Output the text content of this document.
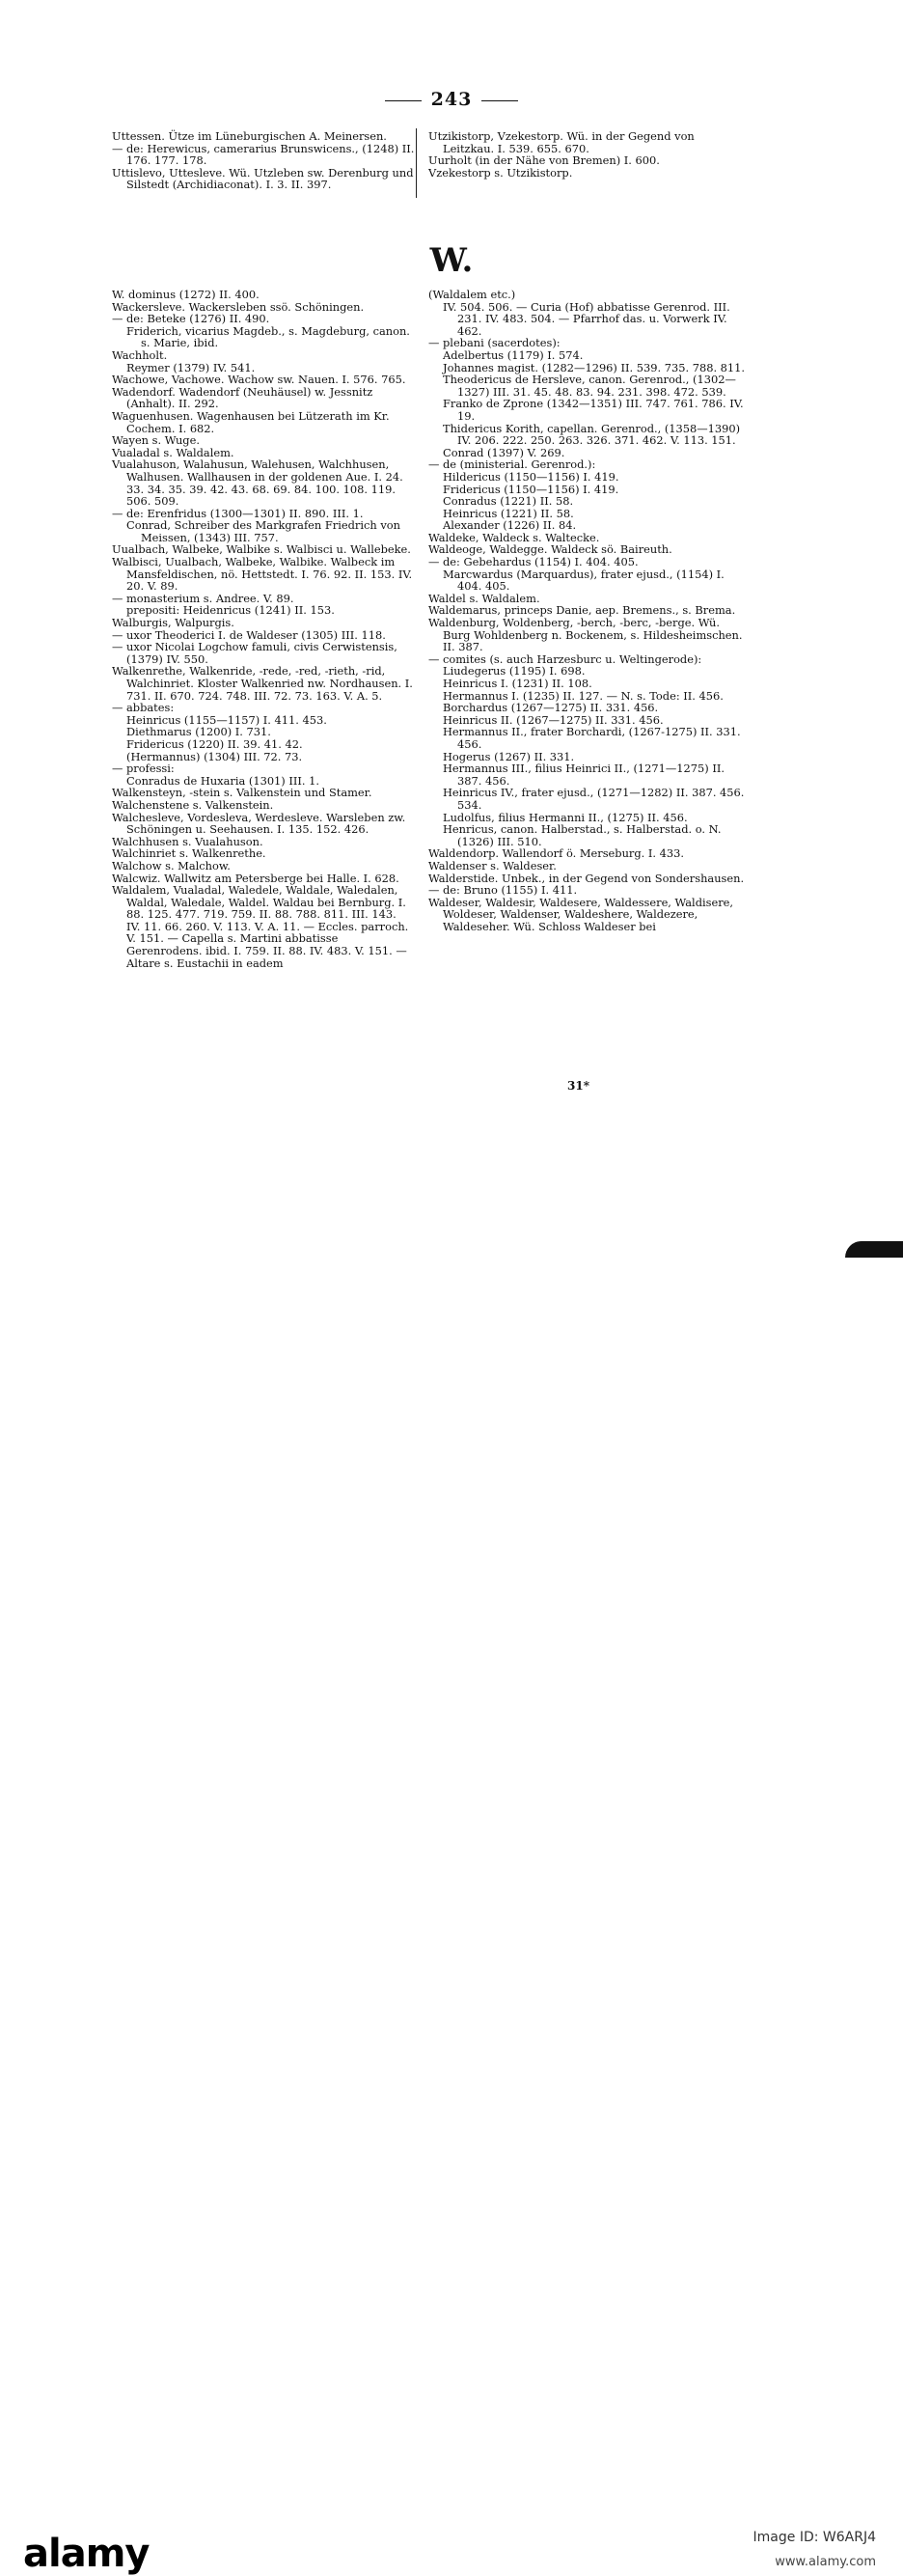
243

Uttessen. Ütze im Lüneburgischen A. Meinersen.

— de: Herewicus, camerarius Brunswicens., (1248) II. 176. 177. 178.

Uttislevo, Uttesleve. Wü. Utzleben sw. Derenburg und Silstedt (Archidiaconat). I. 3. II. 397.

Utzikistorp, Vzekestorp. Wü. in der Gegend von Leitzkau. I. 539. 655. 670.

Uurholt (in der Nähe von Bremen) I. 600.

Vzekestorp s. Utzikistorp.

W.

W. dominus (1272) II. 400.

Wackersleve. Wackersleben ssö. Schöningen.

— de: Beteke (1276) II. 490.

Friderich, vicarius Magdeb., s. Magdeburg, canon. s. Marie, ibid.

Wachholt.

Reymer (1379) IV. 541.

Wachowe, Vachowe. Wachow sw. Nauen. I. 576. 765.

Wadendorf. Wadendorf (Neuhäusel) w. Jessnitz (Anhalt). II. 292.

Waguenhusen. Wagenhausen bei Lützerath im Kr. Cochem. I. 682.

Wayen s. Wuge.

Vualadal s. Waldalem.

Vualahuson, Walahusun, Walehusen, Walchhusen, Walhusen. Wallhausen in der goldenen Aue. I. 24. 33. 34. 35. 39. 42. 43. 68. 69. 84. 100. 108. 119. 506. 509.

— de: Erenfridus (1300—1301) II. 890. III. 1.

Conrad, Schreiber des Markgrafen Friedrich von Meissen, (1343) III. 757.

Uualbach, Walbeke, Walbike s. Walbisci u. Wallebeke.

Walbisci, Uualbach, Walbeke, Walbike. Walbeck im Mansfeldischen, nö. Hettstedt. I. 76. 92. II. 153. IV. 20. V. 89.

— monasterium s. Andree. V. 89.

prepositi: Heidenricus (1241) II. 153.

Walburgis, Walpurgis.

— uxor Theoderici I. de Waldeser (1305) III. 118.

— uxor Nicolai Logchow famuli, civis Cerwistensis, (1379) IV. 550.

Walkenrethe, Walkenride, -rede, -red, -rieth, -rid, Walchinriet. Kloster Walkenried nw. Nordhausen. I. 731. II. 670. 724. 748. III. 72. 73. 163. V. A. 5.

— abbates:

Heinricus (1155—1157) I. 411. 453.

Diethmarus (1200) I. 731.

Fridericus (1220) II. 39. 41. 42.

(Hermannus) (1304) III. 72. 73.

— professi:

Conradus de Huxaria (1301) III. 1.

Walkensteyn, -stein s. Valkenstein und Stamer.

Walchenstene s. Valkenstein.

Walchesleve, Vordesleva, Werdesleve. Warsleben zw. Schöningen u. Seehausen. I. 135. 152. 426.

Walchhusen s. Vualahuson.

Walchinriet s. Walkenrethe.

Walchow s. Malchow.

Walcwiz. Wallwitz am Petersberge bei Halle. I. 628.

Waldalem, Vualadal, Waledele, Waldale, Waledalen, Waldal, Waledale, Waldel. Waldau bei Bernburg. I. 88. 125. 477. 719. 759. II. 88. 788. 811. III. 143. IV. 11. 66. 260. V. 113. V. A. 11. — Eccles. parroch. V. 151. — Capella s. Martini abbatisse Gerenrodens. ibid. I. 759. II. 88. IV. 483. V. 151. — Altare s. Eustachii in eadem

(Waldalem etc.)

IV. 504. 506. — Curia (Hof) abbatisse Gerenrod. III. 231. IV. 483. 504. — Pfarrhof das. u. Vorwerk IV. 462.

— plebani (sacerdotes):

Adelbertus (1179) I. 574.

Johannes magist. (1282—1296) II. 539. 735. 788. 811.

Theodericus de Hersleve, canon. Gerenrod., (1302—1327) III. 31. 45. 48. 83. 94. 231. 398. 472. 539.

Franko de Zprone (1342—1351) III. 747. 761. 786. IV. 19.

Thidericus Korith, capellan. Gerenrod., (1358—1390) IV. 206. 222. 250. 263. 326. 371. 462. V. 113. 151.

Conrad (1397) V. 269.

— de (ministerial. Gerenrod.):

Hildericus (1150—1156) I. 419.

Fridericus (1150—1156) I. 419.

Conradus (1221) II. 58.

Heinricus (1221) II. 58.

Alexander (1226) II. 84.

Waldeke, Waldeck s. Waltecke.

Waldeoge, Waldegge. Waldeck sö. Baireuth.

— de: Gebehardus (1154) I. 404. 405.

Marcwardus (Marquardus), frater ejusd., (1154) I. 404. 405.

Waldel s. Waldalem.

Waldemarus, princeps Danie, aep. Bremens., s. Brema.

Waldenburg, Woldenberg, -berch, -berc, -berge. Wü. Burg Wohldenberg n. Bockenem, s. Hildesheimschen. II. 387.

— comites (s. auch Harzesburc u. Weltingerode):

Liudegerus (1195) I. 698.

Heinricus I. (1231) II. 108.

Hermannus I. (1235) II. 127. — N. s. Tode: II. 456.

Borchardus (1267—1275) II. 331. 456.

Heinricus II. (1267—1275) II. 331. 456.

Hermannus II., frater Borchardi, (1267-1275) II. 331. 456.

Hogerus (1267) II. 331.

Hermannus III., filius Heinrici II., (1271—1275) II. 387. 456.

Heinricus IV., frater ejusd., (1271—1282) II. 387. 456. 534.

Ludolfus, filius Hermanni II., (1275) II. 456.

Henricus, canon. Halberstad., s. Halberstad. o. N. (1326) III. 510.

Waldendorp. Wallendorf ö. Merseburg. I. 433.

Waldenser s. Waldeser.

Walderstide. Unbek., in der Gegend von Sondershausen.

— de: Bruno (1155) I. 411.

Waldeser, Waldesir, Waldesere, Waldessere, Waldisere, Woldeser, Waldenser, Waldeshere, Waldezere, Waldeseher. Wü. Schloss Waldeser bei

31*
alamy	Image ID: W6ARJ4
www.alamy.com
